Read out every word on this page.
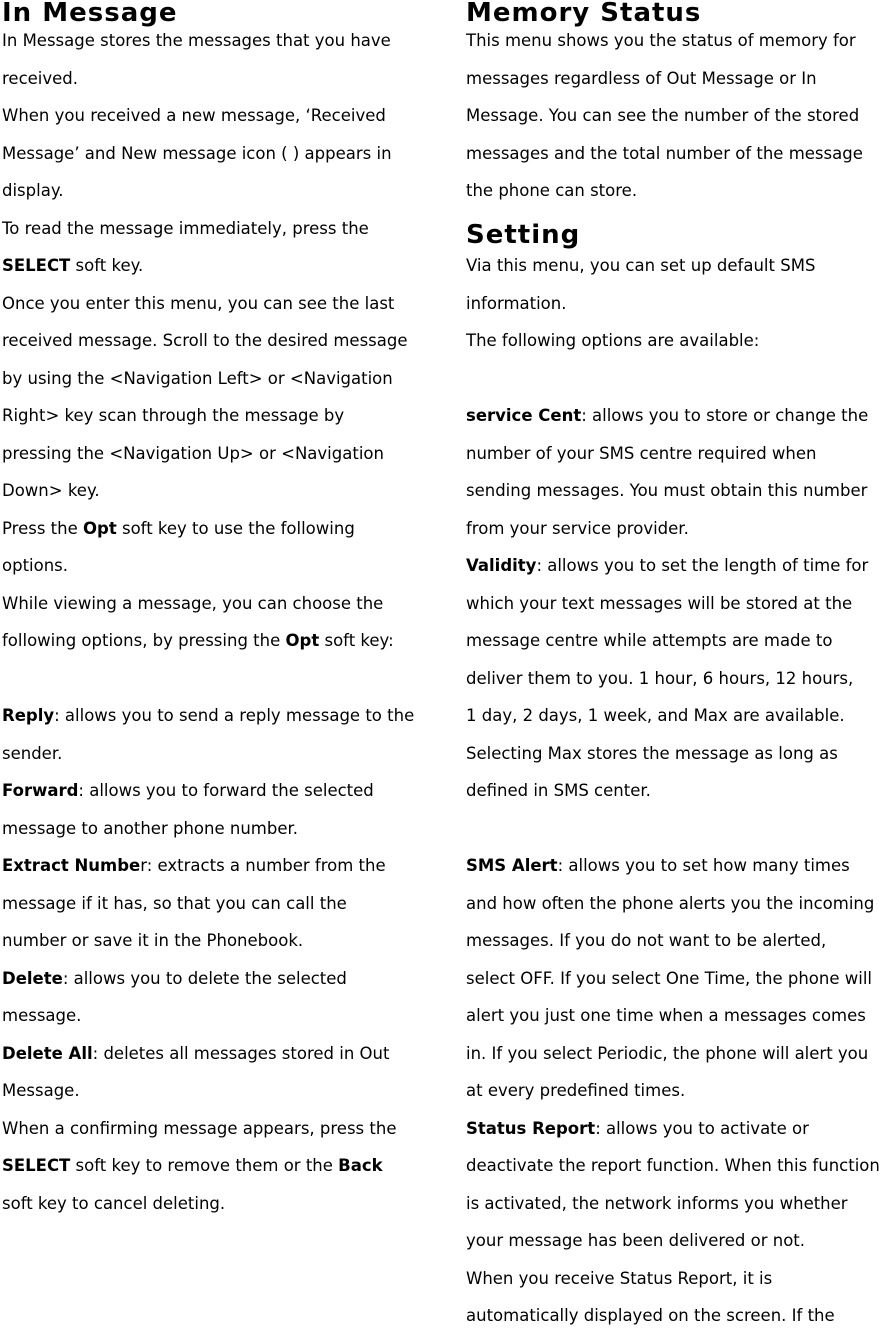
In Message
In Message stores the messages that you have
received.
When you received a new message, ‘Received
Message’ and New message icon ( ) appears in
display.
To read the message immediately, press the
SELECT soft key.
Once you enter this menu, you can see the last
received message. Scroll to the desired message
by using the <Navigation Left> or <Navigation
Right> key scan through the message by
pressing the <Navigation Up> or <Navigation
Down> key.
Press the Opt soft key to use the following
options.
While viewing a message, you can choose the
following options, by pressing the Opt soft key:
Reply: allows you to send a reply message to the
sender.
Forward: allows you to forward the selected
message to another phone number.
Extract Number: extracts a number from the
message if it has, so that you can call the
number or save it in the Phonebook.
Delete: allows you to delete the selected
message.
Delete All: deletes all messages stored in Out
Message.
When a confirming message appears, press the
SELECT soft key to remove them or the Back
soft key to cancel deleting.
Memory Status
This menu shows you the status of memory for
messages regardless of Out Message or In
Message. You can see the number of the stored
messages and the total number of the message
the phone can store.
Setting
Via this menu, you can set up default SMS
information.
The following options are available:
service Cent: allows you to store or change the
number of your SMS centre required when
sending messages. You must obtain this number
from your service provider.
Validity: allows you to set the length of time for
which your text messages will be stored at the
message centre while attempts are made to
deliver them to you. 1 hour, 6 hours, 12 hours,
1 day, 2 days, 1 week, and Max are available.
Selecting Max stores the message as long as
defined in SMS center.
SMS Alert: allows you to set how many times
and how often the phone alerts you the incoming
messages. If you do not want to be alerted,
select OFF. If you select One Time, the phone will
alert you just one time when a messages comes
in. If you select Periodic, the phone will alert you
at every predefined times.
Status Report: allows you to activate or
deactivate the report function. When this function
is activated, the network informs you whether
your message has been delivered or not.
When you receive Status Report, it is
automatically displayed on the screen. If the
